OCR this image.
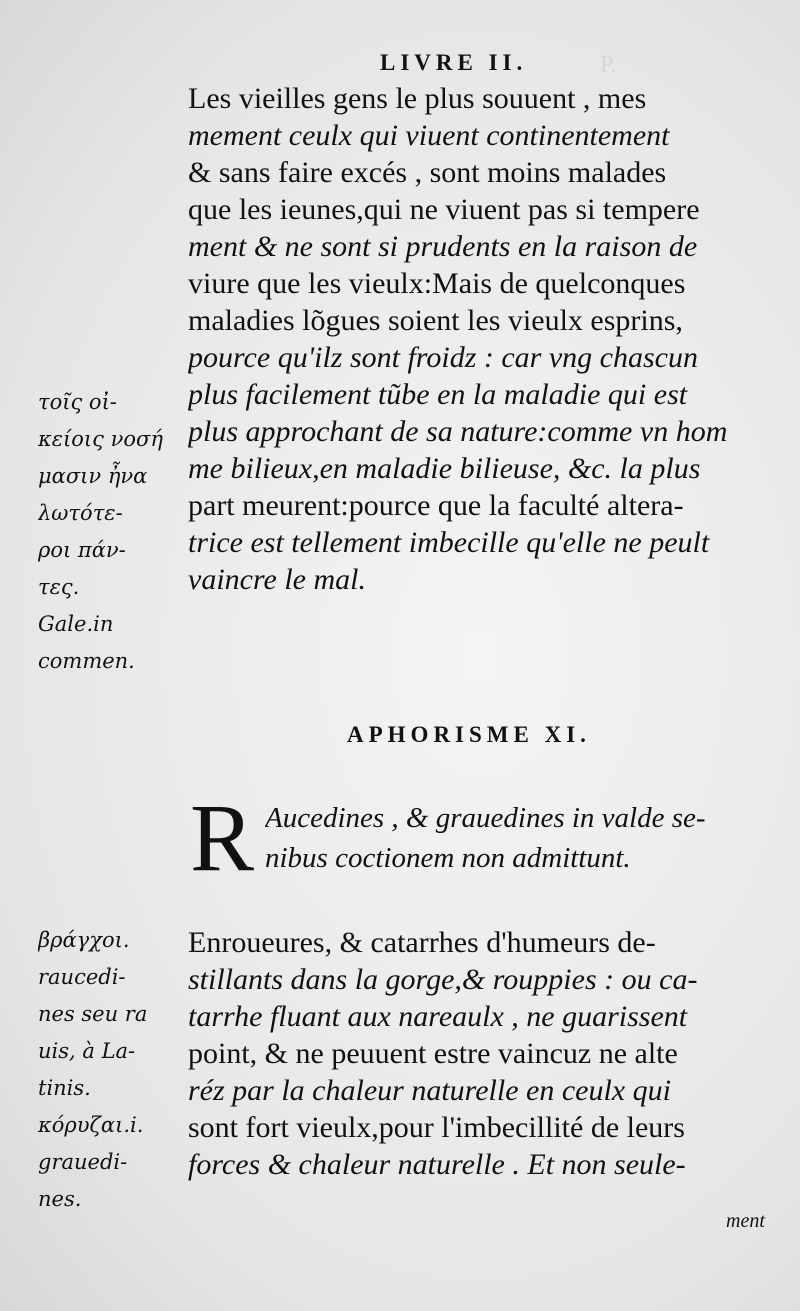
P.
LIVRE II.
Les vieilles gens le plus souuent , mes
mement ceulx qui viuent continentement
& sans faire excés , sont moins malades
que les ieunes,qui ne viuent pas si tempere
ment & ne sont si prudents en la raison de
viure que les vieulx:Mais de quelconques
maladies lõgues soient les vieulx esprins,
pource qu'ilz sont froidz : car vng chascun
plus facilement tũbe en la maladie qui est
plus approchant de sa nature:comme vn hom
me bilieux,en maladie bilieuse, &c. la plus
part meurent:pource que la faculté altera-
trice est tellement imbecille qu'elle ne peult
vaincre le mal.
τοῖς οἰ-
κείοις νοσή
μασιν ἦνα
λωτότε-
ροι πάν-
τες.
Gale.in
commen.
APHORISME XI.
R Aucedines , & grauedines in valde se-
nibus coctionem non admittunt.
βράγχοι.
raucedi-
nes seu ra
uis, à La-
tinis.
κόρυζαι.i.
grauedi-
nes.
Enroueures, & catarrhes d'humeurs de-
stillants dans la gorge,& rouppies : ou ca-
tarrhe fluant aux nareaulx , ne guarissent
point, & ne peuuent estre vaincuz ne alte
réz par la chaleur naturelle en ceulx qui
sont fort vieulx,pour l'imbecillité de leurs
forces & chaleur naturelle . Et non seule-
ment
